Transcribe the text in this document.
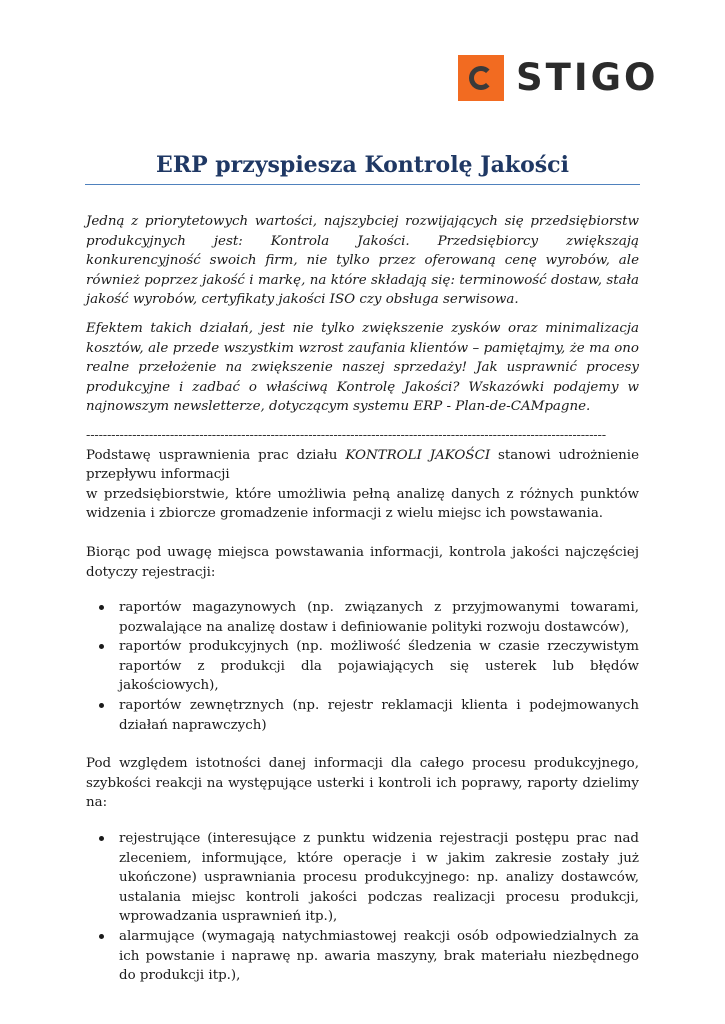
STIGO
ERP przyspiesza Kontrolę Jakości

Jedną z priorytetowych wartości, najszybciej rozwijających się przedsiębiorstw produkcyjnych jest: Kontrola Jakości. Przedsiębiorcy zwiększają konkurencyjność swoich firm, nie tylko przez oferowaną cenę wyrobów, ale również poprzez jakość i markę, na które składają się: terminowość dostaw, stała jakość wyrobów, certyfikaty jakości ISO czy obsługa serwisowa.

Efektem takich działań, jest nie tylko zwiększenie zysków oraz minimalizacja kosztów, ale przede wszystkim wzrost zaufania klientów – pamiętajmy, że ma ono realne przełożenie na zwiększenie naszej sprzedaży! Jak usprawnić procesy produkcyjne i zadbać o właściwą Kontrolę Jakości? Wskazówki podajemy w najnowszym newsletterze, dotyczącym systemu ERP - Plan-de-CAMpagne.

----------------------------------------------------------------------------------------------------------------------------

Podstawę usprawnienia prac działu KONTROLI JAKOŚCI stanowi udrożnienie przepływu informacji

w przedsiębiorstwie, które umożliwia pełną analizę danych z różnych punktów widzenia i zbiorcze gromadzenie informacji z wielu miejsc ich powstawania.

Biorąc pod uwagę miejsca powstawania informacji, kontrola jakości najczęściej dotyczy rejestracji:

raportów magazynowych (np. związanych z przyjmowanymi towarami, pozwalające na analizę dostaw i definiowanie polityki rozwoju dostawców),
raportów produkcyjnych (np. możliwość śledzenia w czasie rzeczywistym raportów z produkcji dla pojawiających się usterek lub błędów jakościowych),
raportów zewnętrznych (np. rejestr reklamacji klienta i podejmowanych działań naprawczych)

Pod względem istotności danej informacji dla całego procesu produkcyjnego, szybkości reakcji na występujące usterki i kontroli ich poprawy, raporty dzielimy na:

rejestrujące (interesujące z punktu widzenia rejestracji postępu prac nad zleceniem, informujące, które operacje i w jakim zakresie zostały już ukończone) usprawniania procesu produkcyjnego: np. analizy dostawców, ustalania miejsc kontroli jakości podczas realizacji procesu produkcji, wprowadzania usprawnień itp.),
alarmujące (wymagają natychmiastowej reakcji osób odpowiedzialnych za ich powstanie i naprawę np. awaria maszyny, brak materiału niezbędnego do produkcji itp.),
